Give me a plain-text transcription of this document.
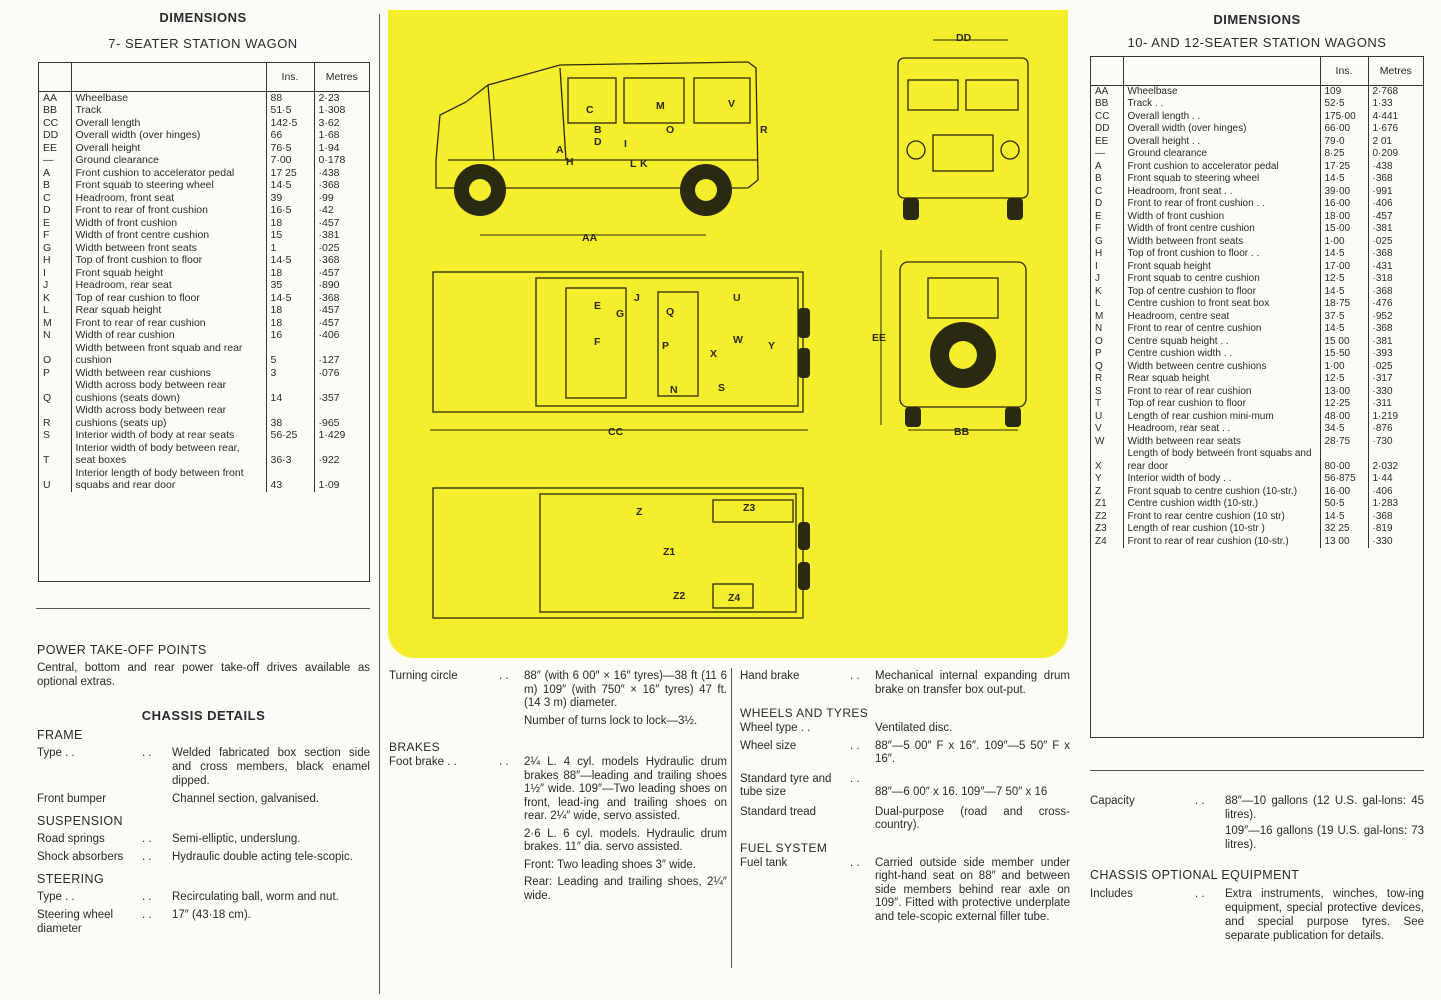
DIMENSIONS
7- SEATER STATION WAGON
		Ins.	Metres
AA	Wheelbase	88	2·23
BB	Track	51·5	1·308
CC	Overall length	142·5	3·62
DD	Overall width (over hinges)	66	1·68
EE	Overall height	76·5	1·94
—	Ground clearance	7·00	0·178
A	Front cushion to accelerator pedal	17 25	·438
B	Front squab to steering wheel	14·5	·368
C	Headroom, front seat	39	·99
D	Front to rear of front cushion	16·5	·42
E	Width of front cushion	18	·457
F	Width of front centre cushion	15	·381
G	Width between front seats	1	·025
H	Top of front cushion to floor	14·5	·368
I	Front squab height	18	·457
J	Headroom, rear seat	35	·890
K	Top of rear cushion to floor	14·5	·368
L	Rear squab height	18	·457
M	Front to rear of rear cushion	18	·457
N	Width of rear cushion	16	·406
O	Width between front squab and rear cushion	5	·127
P	Width between rear cushions	3	·076
Q	Width across body between rear cushions (seats down)	14	·357
R	Width across body between rear cushions (seats up)	38	·965
S	Interior width of body at rear seats	56·25	1·429
T	Interior width of body between rear, seat boxes	36·3	·922
U	Interior length of body between front squabs and rear door	43	1·09
POWER TAKE-OFF POINTS
Central, bottom and rear power take-off drives available as optional extras.
CHASSIS DETAILS
FRAME
Type . .	. .	Welded fabricated box section side and cross members, black enamel dipped.
Front bumper	Channel section, galvanised.
SUSPENSION
Road springs	. .	Semi-elliptic, underslung.
Shock absorbers	. .	Hydraulic double acting tele-scopic.
STEERING
Type . .	. .	Recirculating ball, worm and nut.
Steering wheel diameter
. .	17″ (43·18 cm).
DD
EE
AA
CC	BB
U
W
X
Y
S
Z
Z1
Z2
Z3
Z4
M	V
R
C
B
A
D
H
I
L K
O
E
F
G
J
Q
P
N
Turning circle	. .	88″ (with 6 00″ × 16″ tyres)—38 ft (11 6 m) 109″ (with 750″ × 16″ tyres) 47 ft. (14 3 m) diameter.
Number of turns lock to lock—3½.
BRAKES
Foot brake . .	. .	2¼ L. 4 cyl. models Hydraulic drum brakes 88″—leading and trailing shoes 1½″ wide. 109″—Two leading shoes on front, lead-ing and trailing shoes on rear. 2¼″ wide, servo assisted.
2·6 L. 6 cyl. models. Hydraulic drum brakes. 11″ dia. servo assisted.
Front: Two leading shoes 3″ wide.
Rear: Leading and trailing shoes, 2¼″ wide.
Hand brake	. .	Mechanical internal expanding drum brake on transfer box out-put.
WHEELS AND TYRES
Wheel type . .	Ventilated disc.
Wheel size	. .	88″—5 00″ F x 16″. 109″—5 50″ F x 16″.
Standard tyre and tube size
. .
88″—6 00″ x 16. 109″—7 50″ x 16
Standard tread	Dual-purpose (road and cross-country).
FUEL SYSTEM
Fuel tank	. .	Carried outside side member under right-hand seat on 88″ and between side members behind rear axle on 109″. Fitted with protective underplate and tele-scopic external filler tube.
DIMENSIONS
10- AND 12-SEATER STATION WAGONS
		Ins.	Metres
AA	Wheelbase	109	2·768
BB	Track . .	52·5	1·33
CC	Overall length . .	175·00	4·441
DD	Overall width (over hinges)	66·00	1·676
EE	Overall height . .	79·0	2 01
—	Ground clearance	8·25	0·209
A	Front cushion to accelerator pedal	17·25	·438
B	Front squab to steering wheel	14·5	·368
C	Headroom, front seat . .	39·00	·991
D	Front to rear of front cushion . .	16·00	·406
E	Width of front cushion	18·00	·457
F	Width of front centre cushion	15·00	·381
G	Width between front seats	1·00	·025
H	Top of front cushion to floor . .	14·5	·368
I	Front squab height	17·00	·431
J	Front squab to centre cushion	12·5	·318
K	Top of centre cushion to floor	14·5	·368
L	Centre cushion to front seat box	18·75	·476
M	Headroom, centre seat	37·5	·952
N	Front to rear of centre cushion	14·5	·368
O	Centre squab height . .	15 00	·381
P	Centre cushion width . .	15·50	·393
Q	Width between centre cushions	1·00	·025
R	Rear squab height	12·5	·317
S	Front to rear of rear cushion	13·00	·330
T	Top of rear cushion to floor	12·25	·311
U	Length of rear cushion mini-mum	48·00	1·219
V	Headroom, rear seat . .	34·5	·876
W	Width between rear seats	28·75	·730
X	Length of body between front squabs and rear door	80·00	2·032
Y	Interior width of body . .	56·875	1·44
Z	Front squab to centre cushion (10-str.)	16·00	·406
Z1	Centre cushion width (10-str.)	50·5	1·283
Z2	Front to rear centre cushion (10 str)	14·5	·368
Z3	Length of rear cushion (10-str )	32 25	·819
Z4	Front to rear of rear cushion (10-str.)	13 00	·330
Capacity	. .	88″—10 gallons (12 U.S. gal-lons: 45 litres).
109″—16 gallons (19 U.S. gal-lons: 73 litres).
CHASSIS OPTIONAL EQUIPMENT
Includes	. .	Extra instruments, winches, tow-ing equipment, special protective devices, and special purpose tyres. See separate publication for details.
